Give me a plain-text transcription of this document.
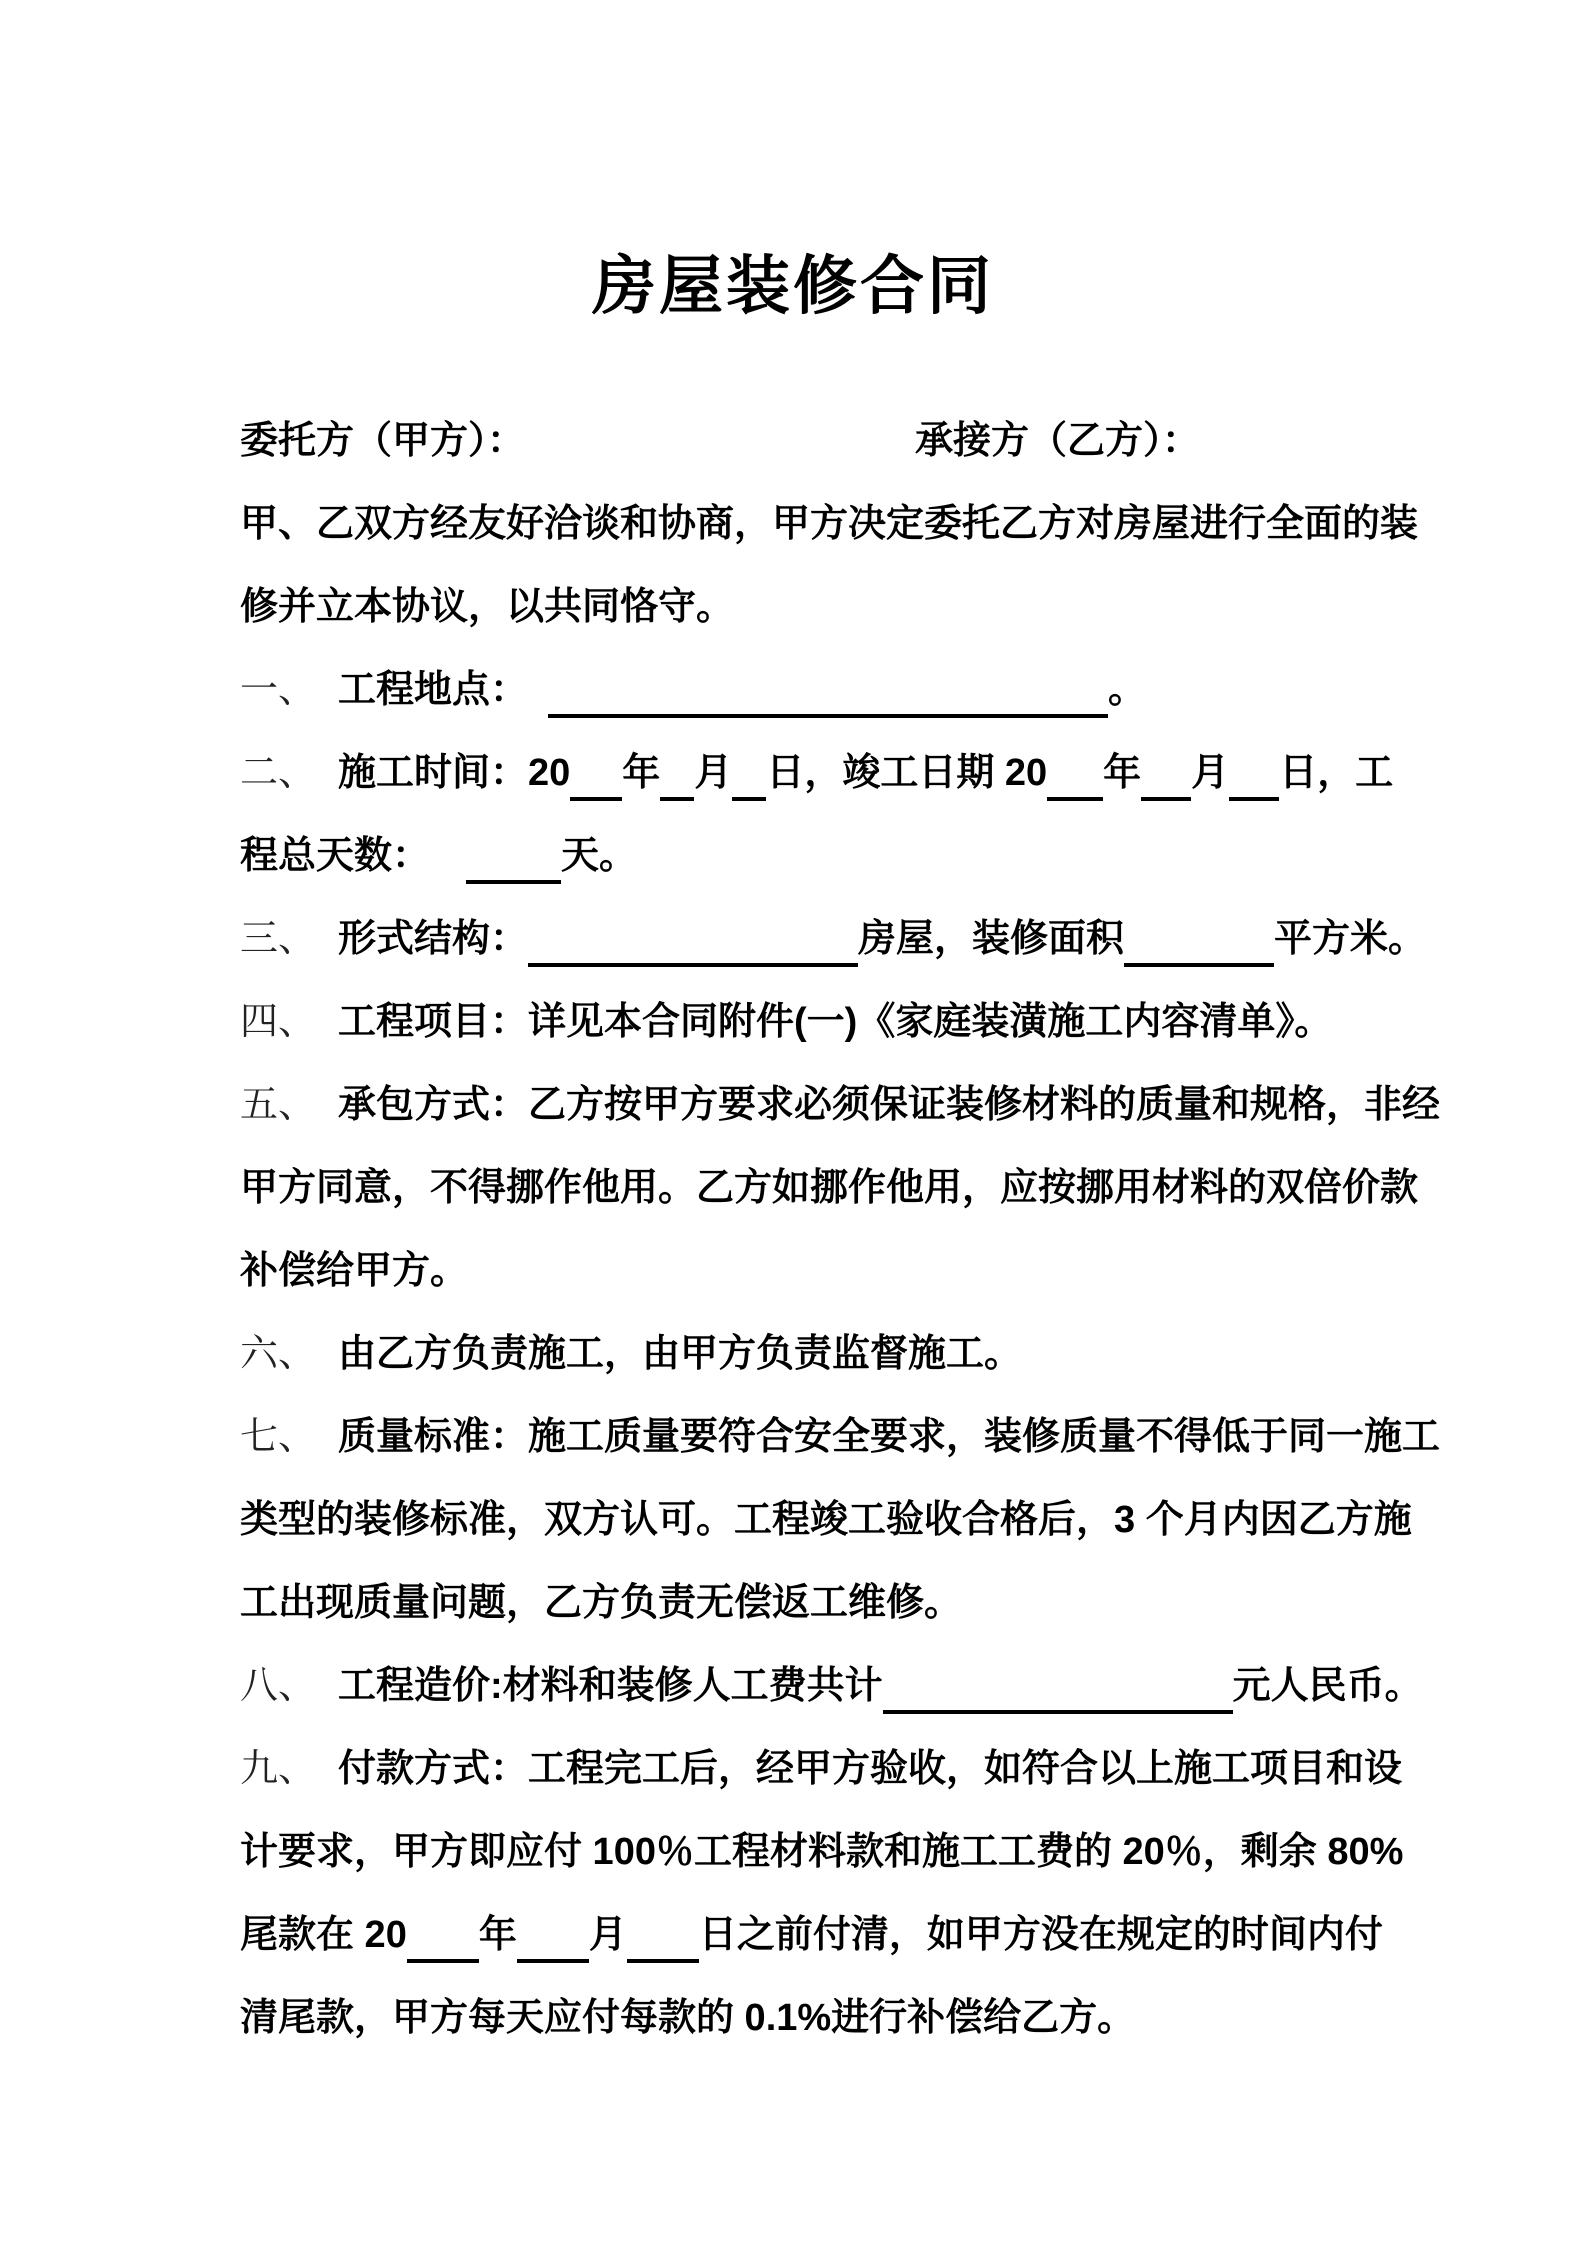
房屋装修合同
委托方（甲方）：	承接方（乙方）：
甲、乙双方经友好洽谈和协商，甲方决定委托乙方对房屋进行全面的装
修并立本协议，以共同恪守。
一、 工程地点：	。
二、 施工时间：20 年 月 日，竣工日期 20 年 月 日，工
程总天数：	天。
三、 形式结构：	房屋，装修面积	平方米。
四、 工程项目：详见本合同附件(一)《家庭装潢施工内容清单》。
五、 承包方式：乙方按甲方要求必须保证装修材料的质量和规格，非经
甲方同意，不得挪作他用。乙方如挪作他用，应按挪用材料的双倍价款
补偿给甲方。
六、 由乙方负责施工，由甲方负责监督施工。
七、 质量标准：施工质量要符合安全要求，装修质量不得低于同一施工
类型的装修标准，双方认可。工程竣工验收合格后，3 个月内因乙方施
工出现质量问题，乙方负责无偿返工维修。
八、 工程造价:材料和装修人工费共计	元人民币。
九、 付款方式：工程完工后，经甲方验收，如符合以上施工项目和设
计要求，甲方即应付 100％工程材料款和施工工费的 20％，剩余 80%
尾款在 20 年 月 日之前付清，如甲方没在规定的时间内付
清尾款，甲方每天应付每款的 0.1%进行补偿给乙方。
